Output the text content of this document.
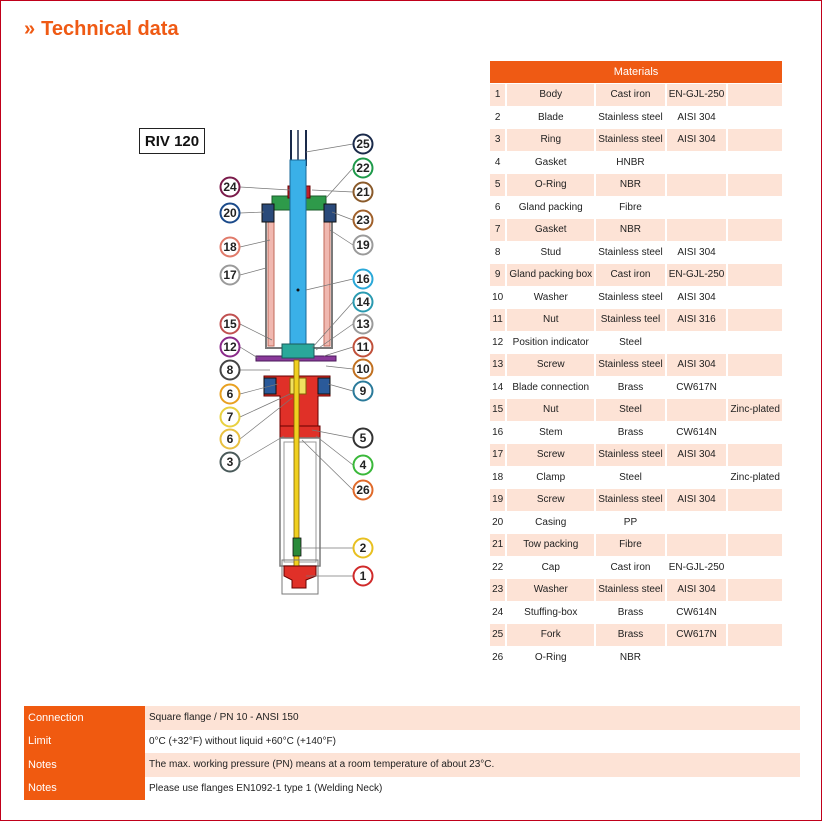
» Technical data
RIV 120	25
22
21
23
19
16
14
13
11
10
9
5
4
26
2
1
24
20
18
17
15
12
8
6
7
6
3
Materials				
1	Body	Cast iron	EN-GJL-250	
2	Blade	Stainless steel	AISI 304	
3	Ring	Stainless steel	AISI 304	
4	Gasket	HNBR		
5	O-Ring	NBR		
6	Gland packing	Fibre		
7	Gasket	NBR		
8	Stud	Stainless steel	AISI 304	
9	Gland packing box	Cast iron	EN-GJL-250	
10	Washer	Stainless steel	AISI 304	
11	Nut	Stainless teel	AISI 316	
12	Position indicator	Steel		
13	Screw	Stainless steel	AISI 304	
14	Blade connection	Brass	CW617N	
15	Nut	Steel		Zinc-plated
16	Stem	Brass	CW614N	
17	Screw	Stainless steel	AISI 304	
18	Clamp	Steel		Zinc-plated
19	Screw	Stainless steel	AISI 304	
20	Casing	PP		
21	Tow packing	Fibre		
22	Cap	Cast iron	EN-GJL-250	
23	Washer	Stainless steel	AISI 304	
24	Stuffing-box	Brass	CW614N	
25	Fork	Brass	CW617N	
26	O-Ring	NBR		
Connection	Square flange / PN 10 - ANSI 150
Limit	0°C (+32°F) without liquid +60°C (+140°F)
Notes	The max. working pressure (PN) means at a room temperature of about 23°C.
Notes	Please use flanges EN1092-1 type 1 (Welding Neck)
